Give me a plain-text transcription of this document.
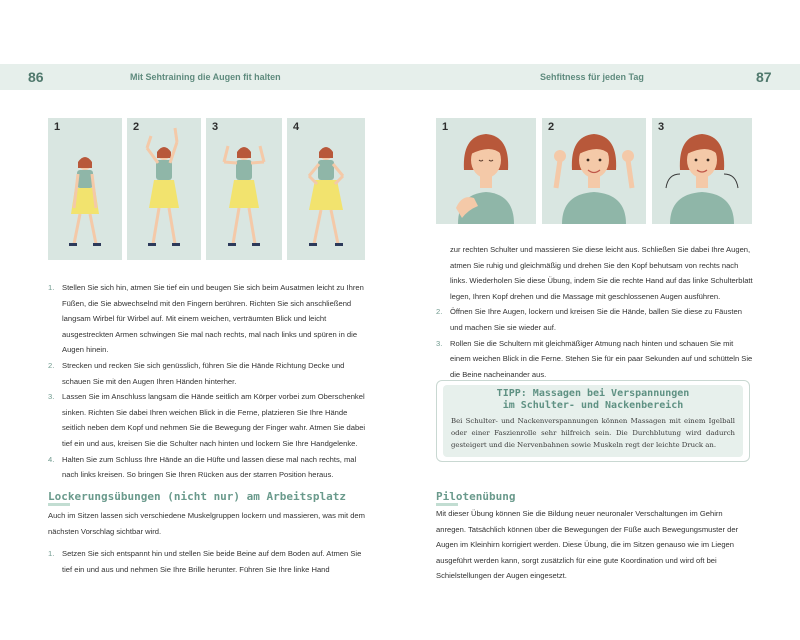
86	Mit Sehtraining die Augen fit halten	Sehfitness für jeden Tag	87
1	2	3	4	1	2	3
1. Stellen Sie sich hin, atmen Sie tief ein und beugen Sie sich beim Ausatmen leicht zu Ihren Füßen, die Sie abwechselnd mit den Fingern berühren. Richten Sie sich anschließend langsam Wirbel für Wirbel auf. Mit einem weichen, verträumten Blick und leicht ausgestreckten Armen schwingen Sie mal nach rechts, mal nach links und spüren in die Augen hinein.
2. Strecken und recken Sie sich genüsslich, führen Sie die Hände Richtung Decke und schauen Sie mit den Augen Ihren Händen hinterher.
3. Lassen Sie im Anschluss langsam die Hände seitlich am Körper vorbei zum Oberschenkel sinken. Richten Sie dabei Ihren weichen Blick in die Ferne, platzieren Sie Ihre Hände seitlich neben dem Kopf und nehmen Sie die Bewegung der Finger wahr. Atmen Sie dabei tief ein und aus, kreisen Sie die Schulter nach hinten und lockern Sie Ihre Handgelenke.
4. Halten Sie zum Schluss Ihre Hände an die Hüfte und lassen diese mal nach rechts, mal nach links kreisen. So bringen Sie Ihren Rücken aus der starren Position heraus.
Lockerungsübungen (nicht nur) am Arbeitsplatz
Auch im Sitzen lassen sich verschiedene Muskelgruppen lockern und massieren, was mit dem nächsten Vorschlag sichtbar wird.
1. Setzen Sie sich entspannt hin und stellen Sie beide Beine auf dem Boden auf. Atmen Sie tief ein und aus und nehmen Sie Ihre Brille herunter. Führen Sie Ihre linke Hand

zur rechten Schulter und massieren Sie diese leicht aus. Schließen Sie dabei Ihre Augen, atmen Sie ruhig und gleichmäßig und drehen Sie den Kopf behutsam von rechts nach links. Wiederholen Sie diese Übung, indem Sie die rechte Hand auf das linke Schulterblatt legen, Ihren Kopf drehen und die Massage mit geschlossenen Augen ausführen.

2. Öffnen Sie Ihre Augen, lockern und kreisen Sie die Hände, ballen Sie diese zu Fäusten und machen Sie sie wieder auf.
3. Rollen Sie die Schultern mit gleichmäßiger Atmung nach hinten und schauen Sie mit einem weichen Blick in die Ferne. Stehen Sie für ein paar Sekunden auf und schütteln Sie die Beine nacheinander aus.
TIPP: Massagen bei Verspannungen
im Schulter- und Nackenbereich
Bei Schulter- und Nackenverspannungen können Massagen mit einem Igelball oder einer Faszienrolle sehr hilfreich sein. Die Durchblutung wird dadurch gesteigert und die Nervenbahnen sowie Muskeln regt der leichte Druck an.
Pilotenübung
Mit dieser Übung können Sie die Bildung neuer neuronaler Verschaltungen im Gehirn anregen. Tatsächlich können über die Bewegungen der Füße auch Bewegungsmuster der Augen im Kleinhirn korrigiert werden. Diese Übung, die im Sitzen genauso wie im Liegen ausgeführt werden kann, sorgt zusätzlich für eine gute Koordination und wird oft bei Schielstellungen der Augen eingesetzt.
